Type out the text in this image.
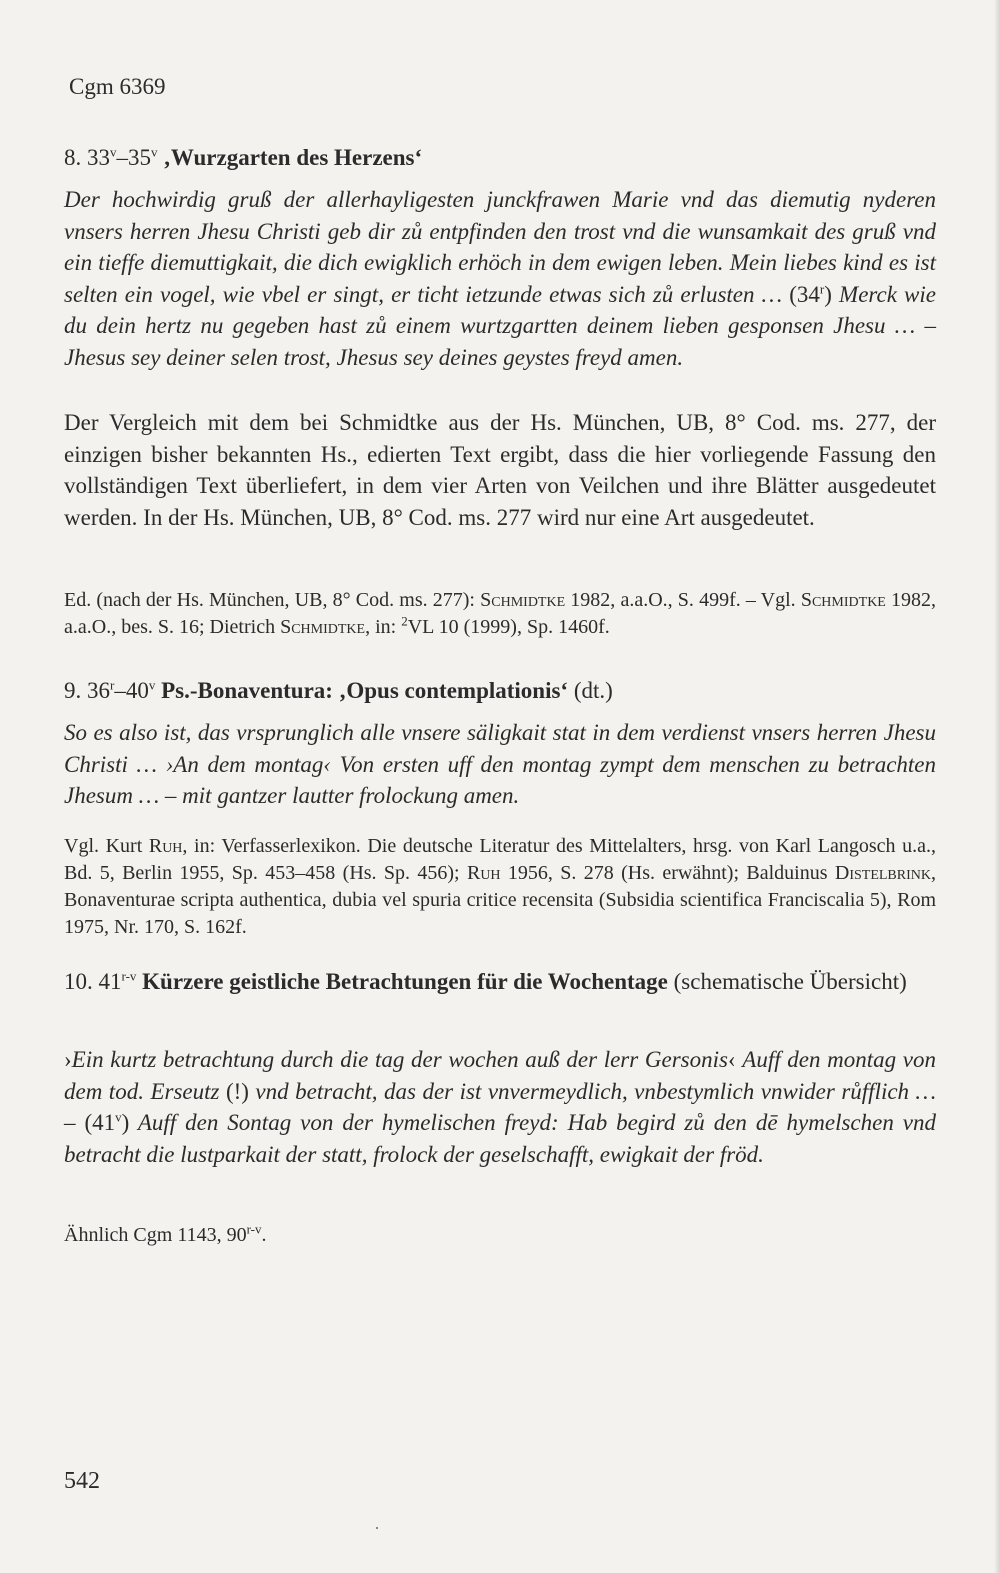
Cgm 6369
8. 33$^v$–35$^v$ ‚Wurzgarten des Herzens‘
Der hochwirdig gruß der allerhayligesten junckfrawen Marie vnd das diemutig nyderen vnsers herren Jhesu Christi geb dir zů entpfinden den trost vnd die wunsamkait des gruß vnd ein tieffe diemuttigkait, die dich ewigklich erhöch in dem ewigen leben. Mein liebes kind es ist selten ein vogel, wie vbel er singt, er ticht ietzunde etwas sich zů erlusten … (34$^r$) Merck wie du dein hertz nu gegeben hast zů einem wurtzgartten deinem lieben gesponsen Jhesu … – Jhesus sey deiner selen trost, Jhesus sey deines geystes freyd amen.
Der Vergleich mit dem bei Schmidtke aus der Hs. München, UB, 8° Cod. ms. 277, der einzigen bisher bekannten Hs., edierten Text ergibt, dass die hier vorliegende Fassung den vollständigen Text überliefert, in dem vier Arten von Veilchen und ihre Blätter ausgedeutet werden. In der Hs. München, UB, 8° Cod. ms. 277 wird nur eine Art ausgedeutet.
Ed. (nach der Hs. München, UB, 8° Cod. ms. 277): Schmidtke 1982, a.a.O., S. 499f. – Vgl. Schmidtke 1982, a.a.O., bes. S. 16; Dietrich Schmidtke, in: $^2$VL 10 (1999), Sp. 1460f.
9. 36$^r$–40$^v$ Ps.-Bonaventura: ‚Opus contemplationis‘ (dt.)
So es also ist, das vrsprunglich alle vnsere säligkait stat in dem verdienst vnsers herren Jhesu Christi … ›An dem montag‹ Von ersten uff den montag zympt dem menschen zu betrachten Jhesum … – mit gantzer lautter frolockung amen.
Vgl. Kurt Ruh, in: Verfasserlexikon. Die deutsche Literatur des Mittelalters, hrsg. von Karl Langosch u.a., Bd. 5, Berlin 1955, Sp. 453–458 (Hs. Sp. 456); Ruh 1956, S. 278 (Hs. erwähnt); Balduinus Distelbrink, Bonaventurae scripta authentica, dubia vel spuria critice recensita (Subsidia scientifica Franciscalia 5), Rom 1975, Nr. 170, S. 162f.
10. 41$^{r-v}$ Kürzere geistliche Betrachtungen für die Wochentage (schematische Übersicht)
›Ein kurtz betrachtung durch die tag der wochen auß der lerr Gersonis‹ Auff den montag von dem tod. Erseutz (!) vnd betracht, das der ist vnvermeydlich, vnbestymlich vnwider růfflich … – (41$^v$) Auff den Sontag von der hymelischen freyd: Hab begird zů den dē hymelschen vnd betracht die lustparkait der statt, frolock der geselschafft, ewigkait der fröd.
Ähnlich Cgm 1143, 90$^{r-v}$.
542
